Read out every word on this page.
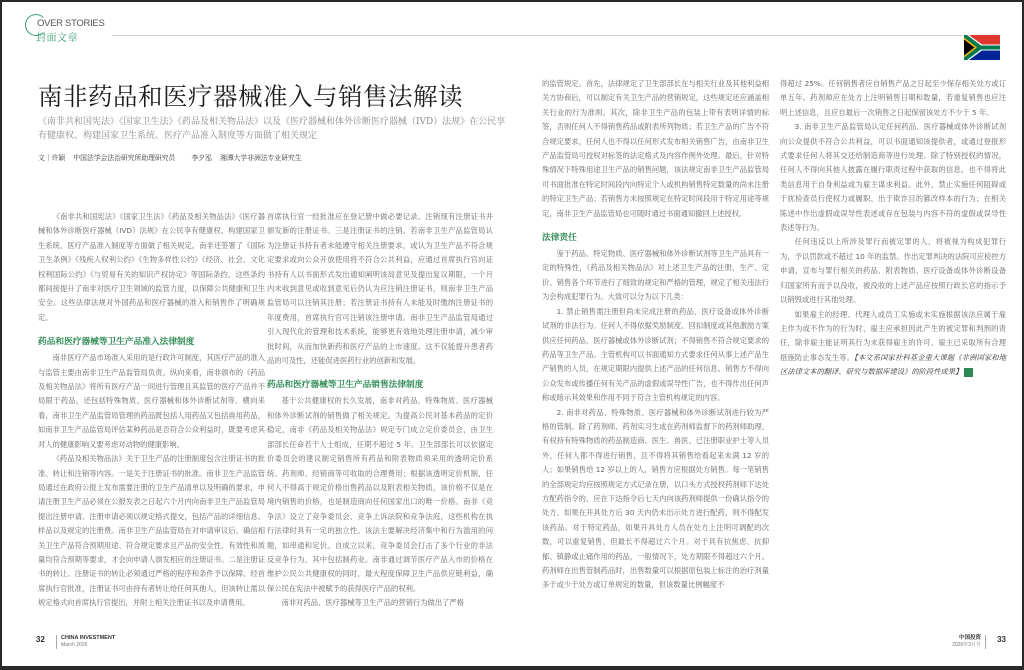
OVER STORIES
封面文章
南非药品和医疗器械准入与销售法解读
《南非共和国宪法》《国家卫生法》《药品及相关物品法》以及《医疗器械和体外诊断医疗器械（IVD）法规》在公民享有健康权、构建国家卫生系统、医疗产品准入制度等方面做了相关规定
文｜许颖 中国法学会法治研究所助理研究员 李夕泓 湘潭大学非洲法专业研究生

《南非共和国宪法》《国家卫生法》《药品及相关物品法》《医疗器械和体外诊断医疗器械（IVD）法规》在公民享有健康权、构建国家卫生系统、医疗产品准入制度等方面做了相关规定。南非还签署了《国际卫生条例》《残疾人权利公约》《生物多样性公约》《经济、社会、文化权利国际公约》《与贸易有关的知识产权协定》等国际条约，这些条约都间接提升了南非对医疗卫生领域的监管力度，以保障公共健康和卫生安全。这些法律法规对外国药品和医疗器械的准入和销售作了明确规定。

药品和医疗器械等卫生产品准入法律制度

南非医疗产品市场准入采用的是行政许可制度，其医疗产品的准入与监管主要由南非卫生产品监管局负责。纵向来看，南非颁布的《药品及相关物品法》将所有医疗产品一同进行管理且其监管的医疗产品并不局限于药品，还包括特殊物质、医疗器械和体外诊断试剂等。横向来看，南非卫生产品监管局管理的药品既包括人用药品又包括兽用药品，如南非卫生产品监管局评估某种药品是否符合公众利益时，既要考虑其对人的健康影响又要考虑对动物的健康影响。

《药品及相关物品法》关于卫生产品的注册制度包含注册证书的批准、转让和注销等内容。一是关于注册证书的批准。南非卫生产品监管局通过在政府公报上发布需要注册的卫生产品清单以及明确的要求，申请注册卫生产品必须在公报发表之日起六个月内向南非卫生产品监管局提出注册申请。注册申请必须以规定格式提交，包括产品的详细信息、样品以及规定的注册费。南非卫生产品监管局在对申请审议后，确信相关卫生产品符合预期用途、符合规定要求且产品的安全性、有效性和质量均符合预期等要求，才会向申请人颁发相应的注册证书。二是注册证书的转让。注册证书的转让必须通过严格的程序和条件予以保障。经首席执行官批准，注册证书可由持有者转让给任何其他人，但该转让需以规定格式向首席执行官提出，并附上相关注册证书以及申请费用。

首席执行官一经批准应在登记册中做必要记录、注销现有注册证书并颁发新的注册证书。三是注册证书的注销。若南非卫生产品监管局认为注册证书持有者未能遵守相关注册要求，或认为卫生产品不符合规定要求或向公众开放使用将不符合公共利益，应通过首席执行官向证书持有人以书面形式发出通知阐明该局意见及提出复议期限，一个月内未收到意见或收到意见后仍认为应注销注册证书，则南非卫生产品监管局可以注销其注册；若注册证书持有人未能及时缴纳注册证书的年度费用，首席执行官可注销该注册申请。南非卫生产品监管局通过引入现代化的管理和技术系统，能够更有效地处理注册申请，减少审批时间，从而加快新药和医疗产品的上市速度。这不仅能提升患者药品的可及性，还能促进医药行业的创新和发展。

药品和医疗器械等卫生产品销售法律制度

基于公共健康权的长久发展，南非对药品、特殊物质、医疗器械和体外诊断试剂的销售做了相关规定。为提高公民对基本药品的定价稳定，南非《药品及相关物品法》规定专门成立定价委员会，由卫生部部长任命若干人士组成，任期不超过 5 年。卫生部部长可以依据定价委员会的建议制定销售所有药品和附表物质须采用的透明定价系统、药剂师、经销商等可收取的合理费用；根据该透明定价机制，任何人不得高于规定价格出售药品以及附表相关物质，该价格不仅是在境内销售的价格，也是制造商向任何国家出口的唯一价格。南非《竞争法》设立了竞争委员会、竞争上诉法院和竞争法庭，这些机构在执行法律时具有一定的独立性。该法主要解决经济集中和行为滥用的问题，如串通和定价。自成立以来，竞争委员会打击了多个行业的非法反竞争行为，其中包括制药业。南非通过调节医疗产品入市的价格在维护公民公共健康权的同时，最大程度保障卫生产品供应链利益，确保公民在宪法中被赋予的获得医疗产品的权利。

南非对药品、医疗器械等卫生产品的营销行为做出了严格

的监管规定。首先，法律规定了卫生部部长在与相关行业及其他利益相关方协商后，可以制定有关卫生产品的营销规定，这些规定还应涵盖相关行业的行为准则。其次，除非卫生产品的包装上带有表明详情的标签，否则任何人不得销售药品或附表所列物质；若卫生产品的广告不符合规定要求，任何人也不得以任何形式发布相关销售广告，由南非卫生产品监管局可授权对标签的法定格式及内容作例外处理。最后，针对特殊情况下特殊用途卫生产品的销售问题，该法规定南非卫生产品监管局可书面批准在特定时间段内向特定个人或机构销售特定数量的尚未注册的特定卫生产品；若销售方未按照规定在特定时间段用于特定用途等规定，南非卫生产品监管局也可随时通过书面通知撤回上述授权。

法律责任

鉴于药品、特定物质、医疗器械和体外诊断试剂等卫生产品具有一定的特殊性，《药品及相关物品法》对上述卫生产品的注册、生产、定价、销售各个环节进行了细致的规定和严格的管理，规定了相关违法行为会构成犯罪行为。大致可以分为以下几类：

1. 禁止销售需注册但尚未完成注册的药品、医疗设备或体外诊断试剂的非法行为。任何人不得依据奖励制度、回扣制度或其他激励方案供应任何药品、医疗器械或体外诊断试剂；不得销售不符合规定要求的药品等卫生产品。主管机构可以书面通知方式要求任何从事上述产品生产销售的人员，在规定期限内提供上述产品的任何信息。销售方不得向公众发布或传播任何有关产品的虚假或误导性广告，也不得作出任何声称或暗示其效果和作用不同于符合主管机构规定的内容。

2. 南非对药品、特殊物质、医疗器械和体外诊断试剂进行较为严格的管制。除了药剂师、药剂实习生或在药剂师监督下的药剂师助理、有权持有特殊物质的药品制造商、医生、兽医、已注册职业护士等人员外，任何人都不得进行销售，且不得将其销售给看起来未满 12 岁的人；如果销售给 12 岁以上的人，销售方应根据处方销售。每一笔销售的全部规定均应按照规定方式记录在册，以口头方式授权药剂师下达处方配药指令的，应在下达指令后七天内向该药剂师提供一份确认指令的处方，如果在开具处方后 30 天内仍未出示处方进行配药，则不得配发该药品。对于特定药品，如果开具处方人员在处方上注明可调配的次数，可以重复销售，但最长不得超过六个月。对于具有抗焦虑、抗抑郁、镇静或止痛作用的药品，一般情况下，处方期限不得超过六个月。药剂师在出售管制药品时，出售数量可以根据原包装上标注的治疗剂量多于或少于处方或订单规定的数量，但该数量比例幅度不

得超过 25%。任何销售者应自销售产品之日起至少保存相关处方或订单五年。药剂师应在处方上注明销售日期和数量，若重复销售也应注明上述信息，且应自最后一次销售之日起保留该处方不少于 5 年。

3. 南非卫生产品监管局认定任何药品、医疗器械或体外诊断试剂向公众提供不符合公共利益，可以书面通知该提供者，或通过登报形式要求任何人将其交还给制造商等进行处理。除了特别授权的情况，任何人不得向其他人披露在履行职责过程中获取的信息，也不得将此类信息用于自身利益或为雇主谋求利益。此外，禁止实施任何阻碍或干扰检查员行使权力或履职、出于欺诈目的篡改样本的行为；在相关陈述中作出虚假或误导性表述或存在包装与内容不符的虚假或误导性表述等行为。

任何违反以上所涉及罪行而被定罪的人，将被视为构成犯罪行为，予以罚款或不超过 10 年的监禁。作出定罪判决的法院可应检控方申请，宣布与罪行相关的药品、附表物质、医疗设备或体外诊断设备归国家所有而予以没收，被没收的上述产品应按照行政长官的指示予以销毁或进行其他处理。

如果雇主的经理、代理人或员工实施或未实施根据该法应属于雇主作为或不作为的行为时，雇主应承担因此产生的被定罪和判刑的责任，除非雇主能证明其行为未获得雇主的许可、雇主已采取所有合理措施防止事态发生等。【本文系国家社科基金重大课题《非洲国家和地区法律文本的翻译、研究与数据库建设》的阶段性成果】

32	CHINA INVESTMENT
March 2026
中国投资
2026年3月号
33
